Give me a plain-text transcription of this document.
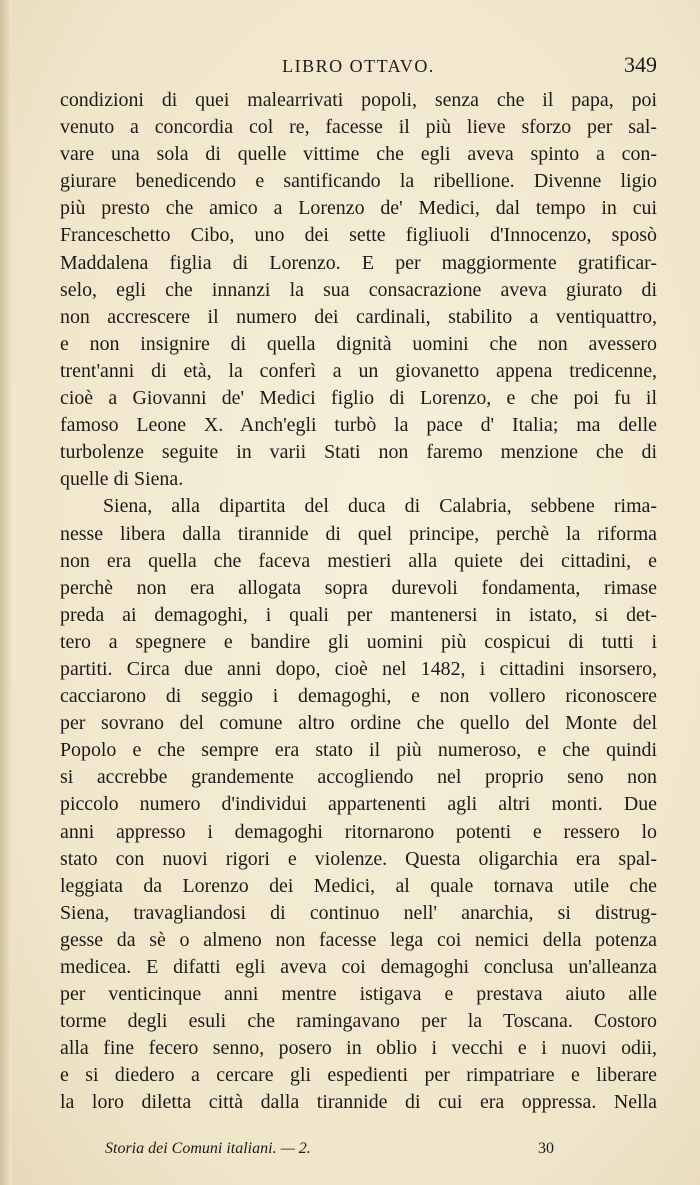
LIBRO OTTAVO.	349
condizioni di quei malearrivati popoli, senza che il papa, poi
venuto a concordia col re, facesse il più lieve sforzo per sal-
vare una sola di quelle vittime che egli aveva spinto a con-
giurare benedicendo e santificando la ribellione. Divenne ligio
più presto che amico a Lorenzo de' Medici, dal tempo in cui
Franceschetto Cibo, uno dei sette figliuoli d'Innocenzo, sposò
Maddalena figlia di Lorenzo. E per maggiormente gratificar-
selo, egli che innanzi la sua consacrazione aveva giurato di
non accrescere il numero dei cardinali, stabilito a ventiquattro,
e non insignire di quella dignità uomini che non avessero
trent'anni di età, la conferì a un giovanetto appena tredicenne,
cioè a Giovanni de' Medici figlio di Lorenzo, e che poi fu il
famoso Leone X. Anch'egli turbò la pace d' Italia; ma delle
turbolenze seguite in varii Stati non faremo menzione che di
quelle di Siena.
Siena, alla dipartita del duca di Calabria, sebbene rima-
nesse libera dalla tirannide di quel principe, perchè la riforma
non era quella che faceva mestieri alla quiete dei cittadini, e
perchè non era allogata sopra durevoli fondamenta, rimase
preda ai demagoghi, i quali per mantenersi in istato, si det-
tero a spegnere e bandire gli uomini più cospicui di tutti i
partiti. Circa due anni dopo, cioè nel 1482, i cittadini insorsero,
cacciarono di seggio i demagoghi, e non vollero riconoscere
per sovrano del comune altro ordine che quello del Monte del
Popolo e che sempre era stato il più numeroso, e che quindi
si accrebbe grandemente accogliendo nel proprio seno non
piccolo numero d'individui appartenenti agli altri monti. Due
anni appresso i demagoghi ritornarono potenti e ressero lo
stato con nuovi rigori e violenze. Questa oligarchia era spal-
leggiata da Lorenzo dei Medici, al quale tornava utile che
Siena, travagliandosi di continuo nell' anarchia, si distrug-
gesse da sè o almeno non facesse lega coi nemici della potenza
medicea. E difatti egli aveva coi demagoghi conclusa un'alleanza
per venticinque anni mentre istigava e prestava aiuto alle
torme degli esuli che ramingavano per la Toscana. Costoro
alla fine fecero senno, posero in oblio i vecchi e i nuovi odii,
e si diedero a cercare gli espedienti per rimpatriare e liberare
la loro diletta città dalla tirannide di cui era oppressa. Nella
Storia dei Comuni italiani. — 2.	30
